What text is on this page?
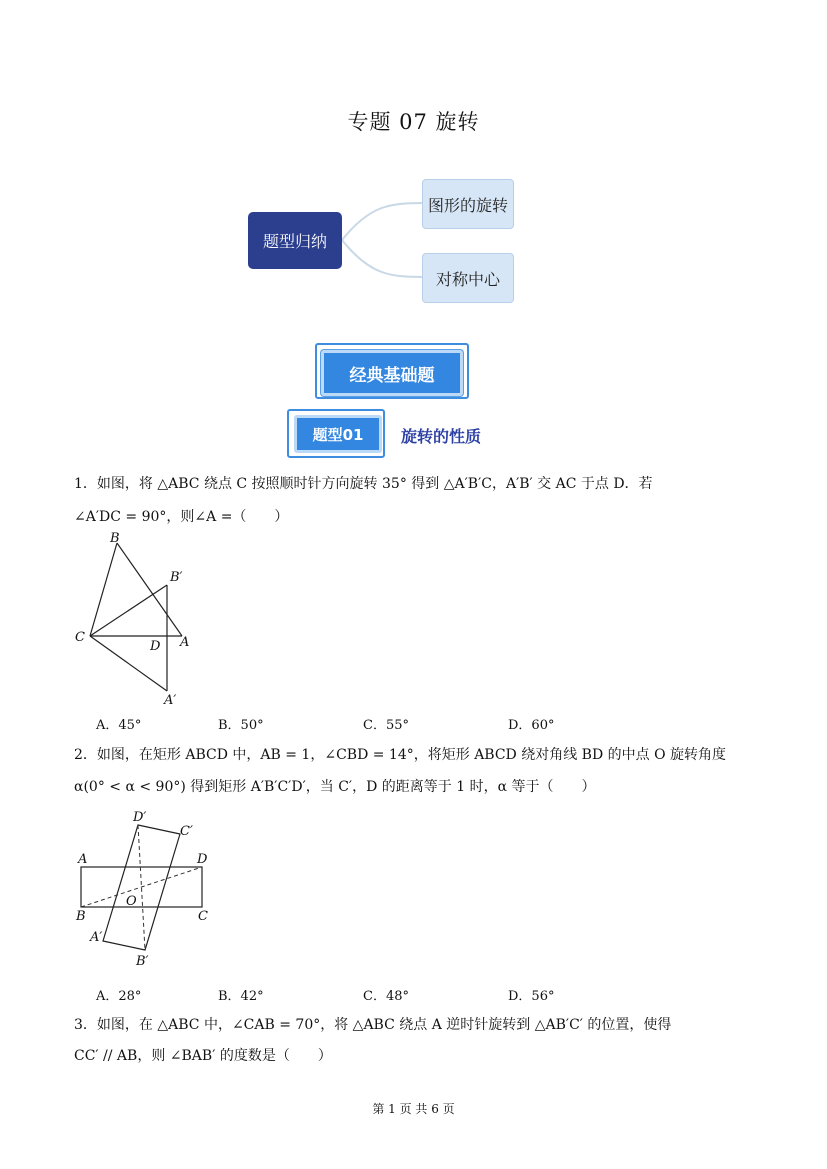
专题 07 旋转
题型归纳
图形的旋转
对称中心
经典基础题
题型01	旋转的性质
1．如图，将 △ABC 绕点 C 按照顺时针方向旋转 35° 得到 △A′B′C，A′B′ 交 AC 于点 D．若
∠A′DC = 90°，则∠A =（　　）
B
B′
C
D A
A′
A．45°	B．50°	C．55°	D．60°
2．如图，在矩形 ABCD 中，AB = 1，∠CBD = 14°，将矩形 ABCD 绕对角线 BD 的中点 O 旋转角度
α(0° < α < 90°) 得到矩形 A′B′C′D′，当 C′，D 的距离等于 1 时，α 等于（　　）
D′
C′
A	D
B
O
C
A′
B′
A．28°	B．42°	C．48°	D．56°
3．如图，在 △ABC 中，∠CAB = 70°，将 △ABC 绕点 A 逆时针旋转到 △AB′C′ 的位置，使得
CC′ // AB，则 ∠BAB′ 的度数是（　　）
第 1 页 共 6 页
